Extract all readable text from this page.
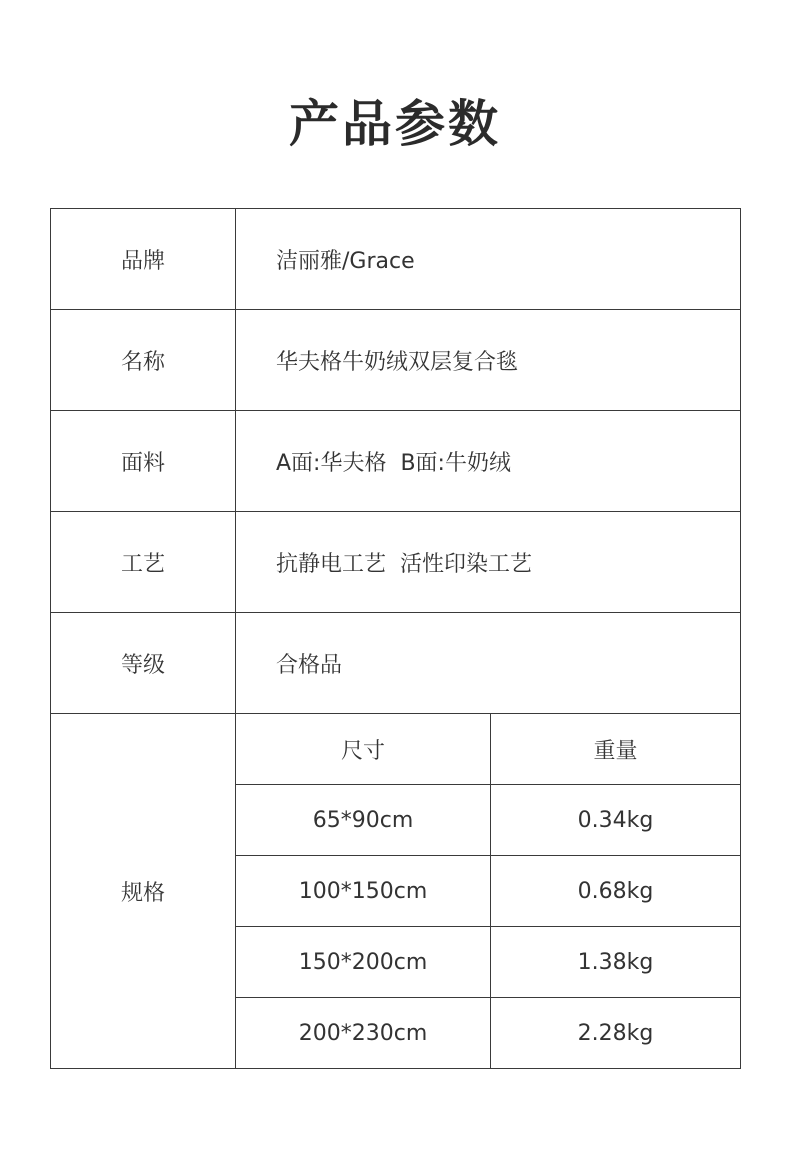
产品参数
品牌	洁丽雅/Grace	
名称	华夫格牛奶绒双层复合毯	
面料	A面:华夫格  B面:牛奶绒	
工艺	抗静电工艺  活性印染工艺	
等级	合格品	
规格	尺寸	重量
	65*90cm	0.34kg
	100*150cm	0.68kg
	150*200cm	1.38kg
	200*230cm	2.28kg
